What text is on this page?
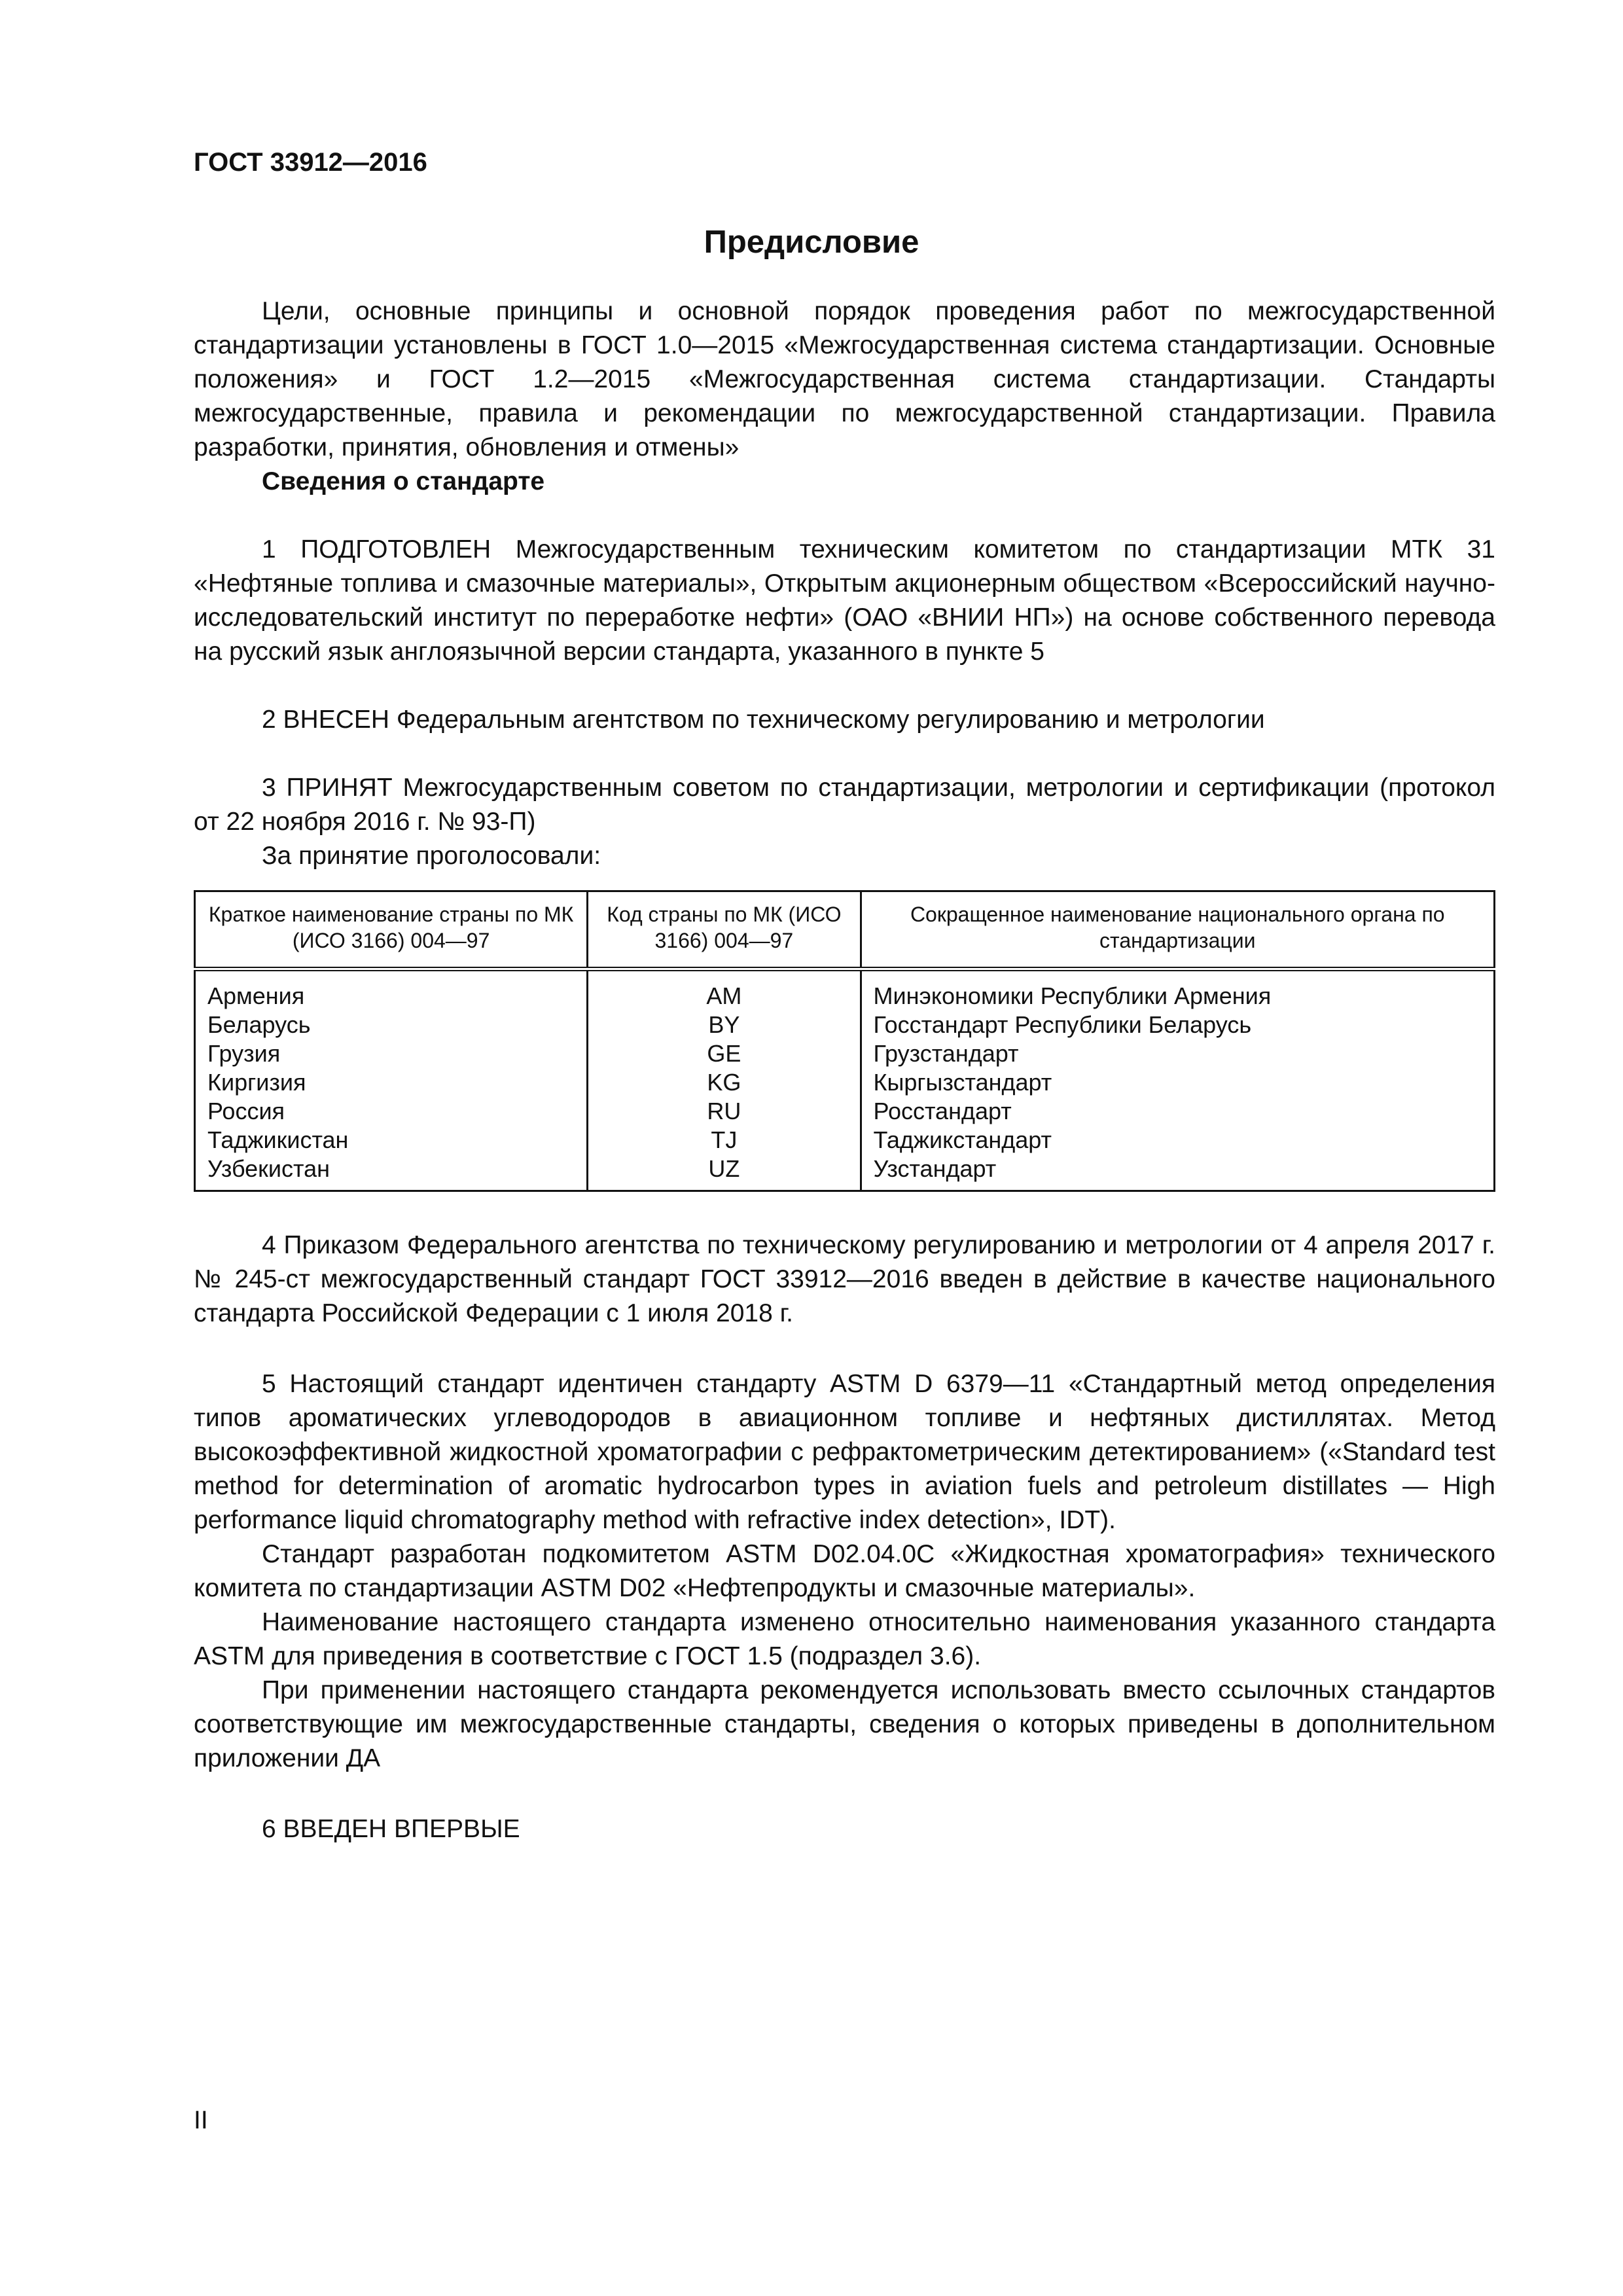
ГОСТ 33912—2016
Предисловие

Цели, основные принципы и основной порядок проведения работ по межгосударственной стандартизации установлены в ГОСТ 1.0—2015 «Межгосударственная система стандартизации. Основные положения» и ГОСТ 1.2—2015 «Межгосударственная система стандартизации. Стандарты межгосударственные, правила и рекомендации по межгосударственной стандартизации. Правила разработки, принятия, обновления и отмены»

Сведения о стандарте

1 ПОДГОТОВЛЕН Межгосударственным техническим комитетом по стандартизации МТК 31 «Нефтяные топлива и смазочные материалы», Открытым акционерным обществом «Всероссийский научно-исследовательский институт по переработке нефти» (ОАО «ВНИИ НП») на основе собственного перевода на русский язык англоязычной версии стандарта, указанного в пункте 5

2 ВНЕСЕН Федеральным агентством по техническому регулированию и метрологии

3 ПРИНЯТ Межгосударственным советом по стандартизации, метрологии и сертификации (протокол от 22 ноября 2016 г. № 93-П)

За принятие проголосовали:

Краткое наименование страны по МК (ИСО 3166) 004—97	Код страны по МК (ИСО 3166) 004—97	Сокращенное наименование национального органа по стандартизации
Армения	AM	Минэкономики Республики Армения
Беларусь	BY	Госстандарт Республики Беларусь
Грузия	GE	Грузстандарт
Киргизия	KG	Кыргызстандарт
Россия	RU	Росстандарт
Таджикистан	TJ	Таджикстандарт
Узбекистан	UZ	Узстандарт

4 Приказом Федерального агентства по техническому регулированию и метрологии от 4 апреля 2017 г. № 245-ст межгосударственный стандарт ГОСТ 33912—2016 введен в действие в качестве национального стандарта Российской Федерации с 1 июля 2018 г.

5 Настоящий стандарт идентичен стандарту ASTM D 6379—11 «Стандартный метод определения типов ароматических углеводородов в авиационном топливе и нефтяных дистиллятах. Метод высокоэффективной жидкостной хроматографии с рефрактометрическим детектированием» («Standard test method for determination of aromatic hydrocarbon types in aviation fuels and petroleum distillates — High performance liquid chromatography method with refractive index detection», IDT).

Стандарт разработан подкомитетом ASTM D02.04.0C «Жидкостная хроматография» технического комитета по стандартизации ASTM D02 «Нефтепродукты и смазочные материалы».

Наименование настоящего стандарта изменено относительно наименования указанного стандарта ASTM для приведения в соответствие с ГОСТ 1.5 (подраздел 3.6).

При применении настоящего стандарта рекомендуется использовать вместо ссылочных стандартов соответствующие им межгосударственные стандарты, сведения о которых приведены в дополнительном приложении ДА

6 ВВЕДЕН ВПЕРВЫЕ

II
